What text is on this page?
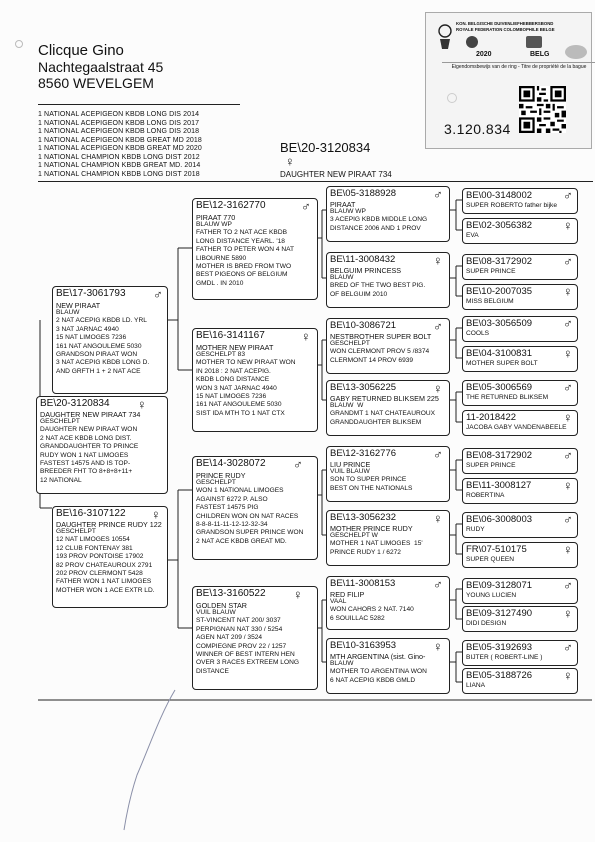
Clicque Gino
Nachtegaalstraat 45
8560 WEVELGEM
1 NATIONAL ACEPIGEON KBDB LONG DIS 2014
1 NATIONAL ACEPIGEON KBDB LONG DIS 2017
1 NATIONAL ACEPIGEON KBDB LONG DIS 2018
1 NATIONAL ACEPIGEON KBDB GREAT MD 2018
1 NATIONAL ACEPIGEON KBDB GREAT MD 2020
1 NATIONAL CHAMPION KBDB LONG DIST 2012
1 NATIONAL CHAMPION KBDB GREAT MD. 2014
1 NATIONAL CHAMPION KBDB LONG DIST 2018
KON. BELGISCHE DUIVENLIEFHEBBERSBOND
ROYALE FEDERATION COLOMBOPHILE BELGE
2020	BELG
Eigendomsbewijs van de ring - Titre de propriété de la bague
3.120.834
BE\20-3120834
♀
DAUGHTER NEW PIRAAT 734
BE\17-3061793 ♂
NEW PIRAAT
BLAUW
2 NAT ACEPIG KBDB LD. YRL
3 NAT JARNAC 4940
15 NAT LIMOGES 7236
161 NAT ANGOULEME 5030
GRANDSON PIRAAT WON
3 NAT ACEPIG KBDB LONG D.
AND GRFTH 1 + 2 NAT ACE
BE\20-3120834 ♀
DAUGHTER NEW PIRAAT 734
GESCHELPT
DAUGHTER NEW PIRAAT WON
2 NAT ACE KBDB LONG DIST.
GRANDDAUGHTER TO PRINCE
RUDY WON 1 NAT LIMOGES
FASTEST 14575 AND IS TOP-
BREEDER FHT TO 8+8+8+11+
12 NATIONAL
BE\16-3107122 ♀
DAUGHTER PRINCE RUDY 122
GESCHELPT
12 NAT LIMOGES 10554
12 CLUB FONTENAY 381
193 PROV PONTOISE 17902
82 PROV CHATEAUROUX 2791
202 PROV CLERMONT 5428
FATHER WON 1 NAT LIMOGES
MOTHER WON 1 ACE EXTR LD.
BE\12-3162770	♂
PIRAAT 770
BLAUW WP
FATHER TO 2 NAT ACE KBDB
LONG DISTANCE YEARL. '18
FATHER TO PETER WON 4 NAT
LIBOURNE 5890
MOTHER IS BRED FROM TWO
BEST PIGEONS OF BELGIUM
GMDL . IN 2010
BE\16-3141167	♀
MOTHER NEW PIRAAT
GESCHELPT 83
MOTHER TO NEW PIRAAT WON
IN 2018 : 2 NAT ACEPIG.
KBDB LONG DISTANCE
WON 3 NAT JARNAC 4940
15 NAT LIMOGES 7236
161 NAT ANGOULEME 5030
SIST IDA MTH TO 1 NAT CTX
BE\14-3028072 ♂
PRINCE RUDY
GESCHELPT
WON 1 NATIONAL LIMOGES
AGAINST 6272 P. ALSO
FASTEST 14575 PIG
CHILDREN WON ON NAT RACES
8-8-8-11-11-12-12-32-34
GRANDSON SUPER PRINCE WON
2 NAT ACE KBDB GREAT MD.
BE\13-3160522 ♀
GOLDEN STAR
VUIL BLAUW
ST-VINCENT NAT 200/ 3037
PERPIGNAN NAT 330 / 5254
AGEN NAT 209 / 3524
COMPIEGNE PROV 22 / 1257
WINNER OF BEST INTERN HEN
OVER 3 RACES EXTREEM LONG
DISTANCE
BE\05-3188928	♂
PIRAAT
BLAUW WP
3 ACEPIG KBDB MIDDLE LONG
DISTANCE 2006 AND 1 PROV
BE\11-3008432	♀
BELGUIM PRINCESS
BLAUW
BRED OF THE TWO BEST PIG.
OF BELGUIM 2010
BE\10-3086721	♂
NESTBROTHER SUPER BOLT
GESCHELPT
WON CLERMONT PROV 5 /8374
CLERMONT 14 PROV 6939
BE\13-3056225	♀
GABY RETURNED BLIKSEM 225
BLAUW  W
GRANDMT 1 NAT CHATEAUROUX
GRANDDAUGHTER BLIKSEM
BE\12-3162776	♂
LIU PRINCE
VUIL BLAUW
SON TO SUPER PRINCE
BEST ON THE NATIONALS
BE\13-3056232	♀
MOTHER PRINCE RUDY
GESCHELPT W
MOTHER 1 NAT LIMOGES  15'
PRINCE RUDY 1 / 6272
BE\11-3008153	♂
RED FILIP
VAAL
WON CAHORS 2 NAT. 7140
6 SOUILLAC 5282
BE\10-3163953	♀
MTH ARGENTINA (sist. Gino-
BLAUW
MOTHER TO ARGENTINA WON
6 NAT ACEPIG KBDB GMLD
BE\00-3148002 ♂
SUPER ROBERTO father bijke
BE\02-3056382 ♀
EVA
BE\08-3172902 ♂
SUPER PRINCE
BE\10-2007035 ♀
MISS BELGIUM
BE\03-3056509 ♂
COOLS
BE\04-3100831 ♀
MOTHER SUPER BOLT
BE\05-3006569 ♂
THE RETURNED BLIKSEM
11-2018422	♀
JACOBA GABY VANDENABEELE
BE\08-3172902 ♂
SUPER PRINCE
BE\11-3008127 ♀
ROBERTINA
BE\06-3008003 ♂
RUDY
FR\07-510175	♀
SUPER QUEEN
BE\09-3128071 ♂
YOUNG LUCIEN
BE\09-3127490 ♀
DIDI DESIGN
BE\05-3192693 ♂
BIJTER ( ROBERT-LINE )
BE\05-3188726 ♀
LIANA
